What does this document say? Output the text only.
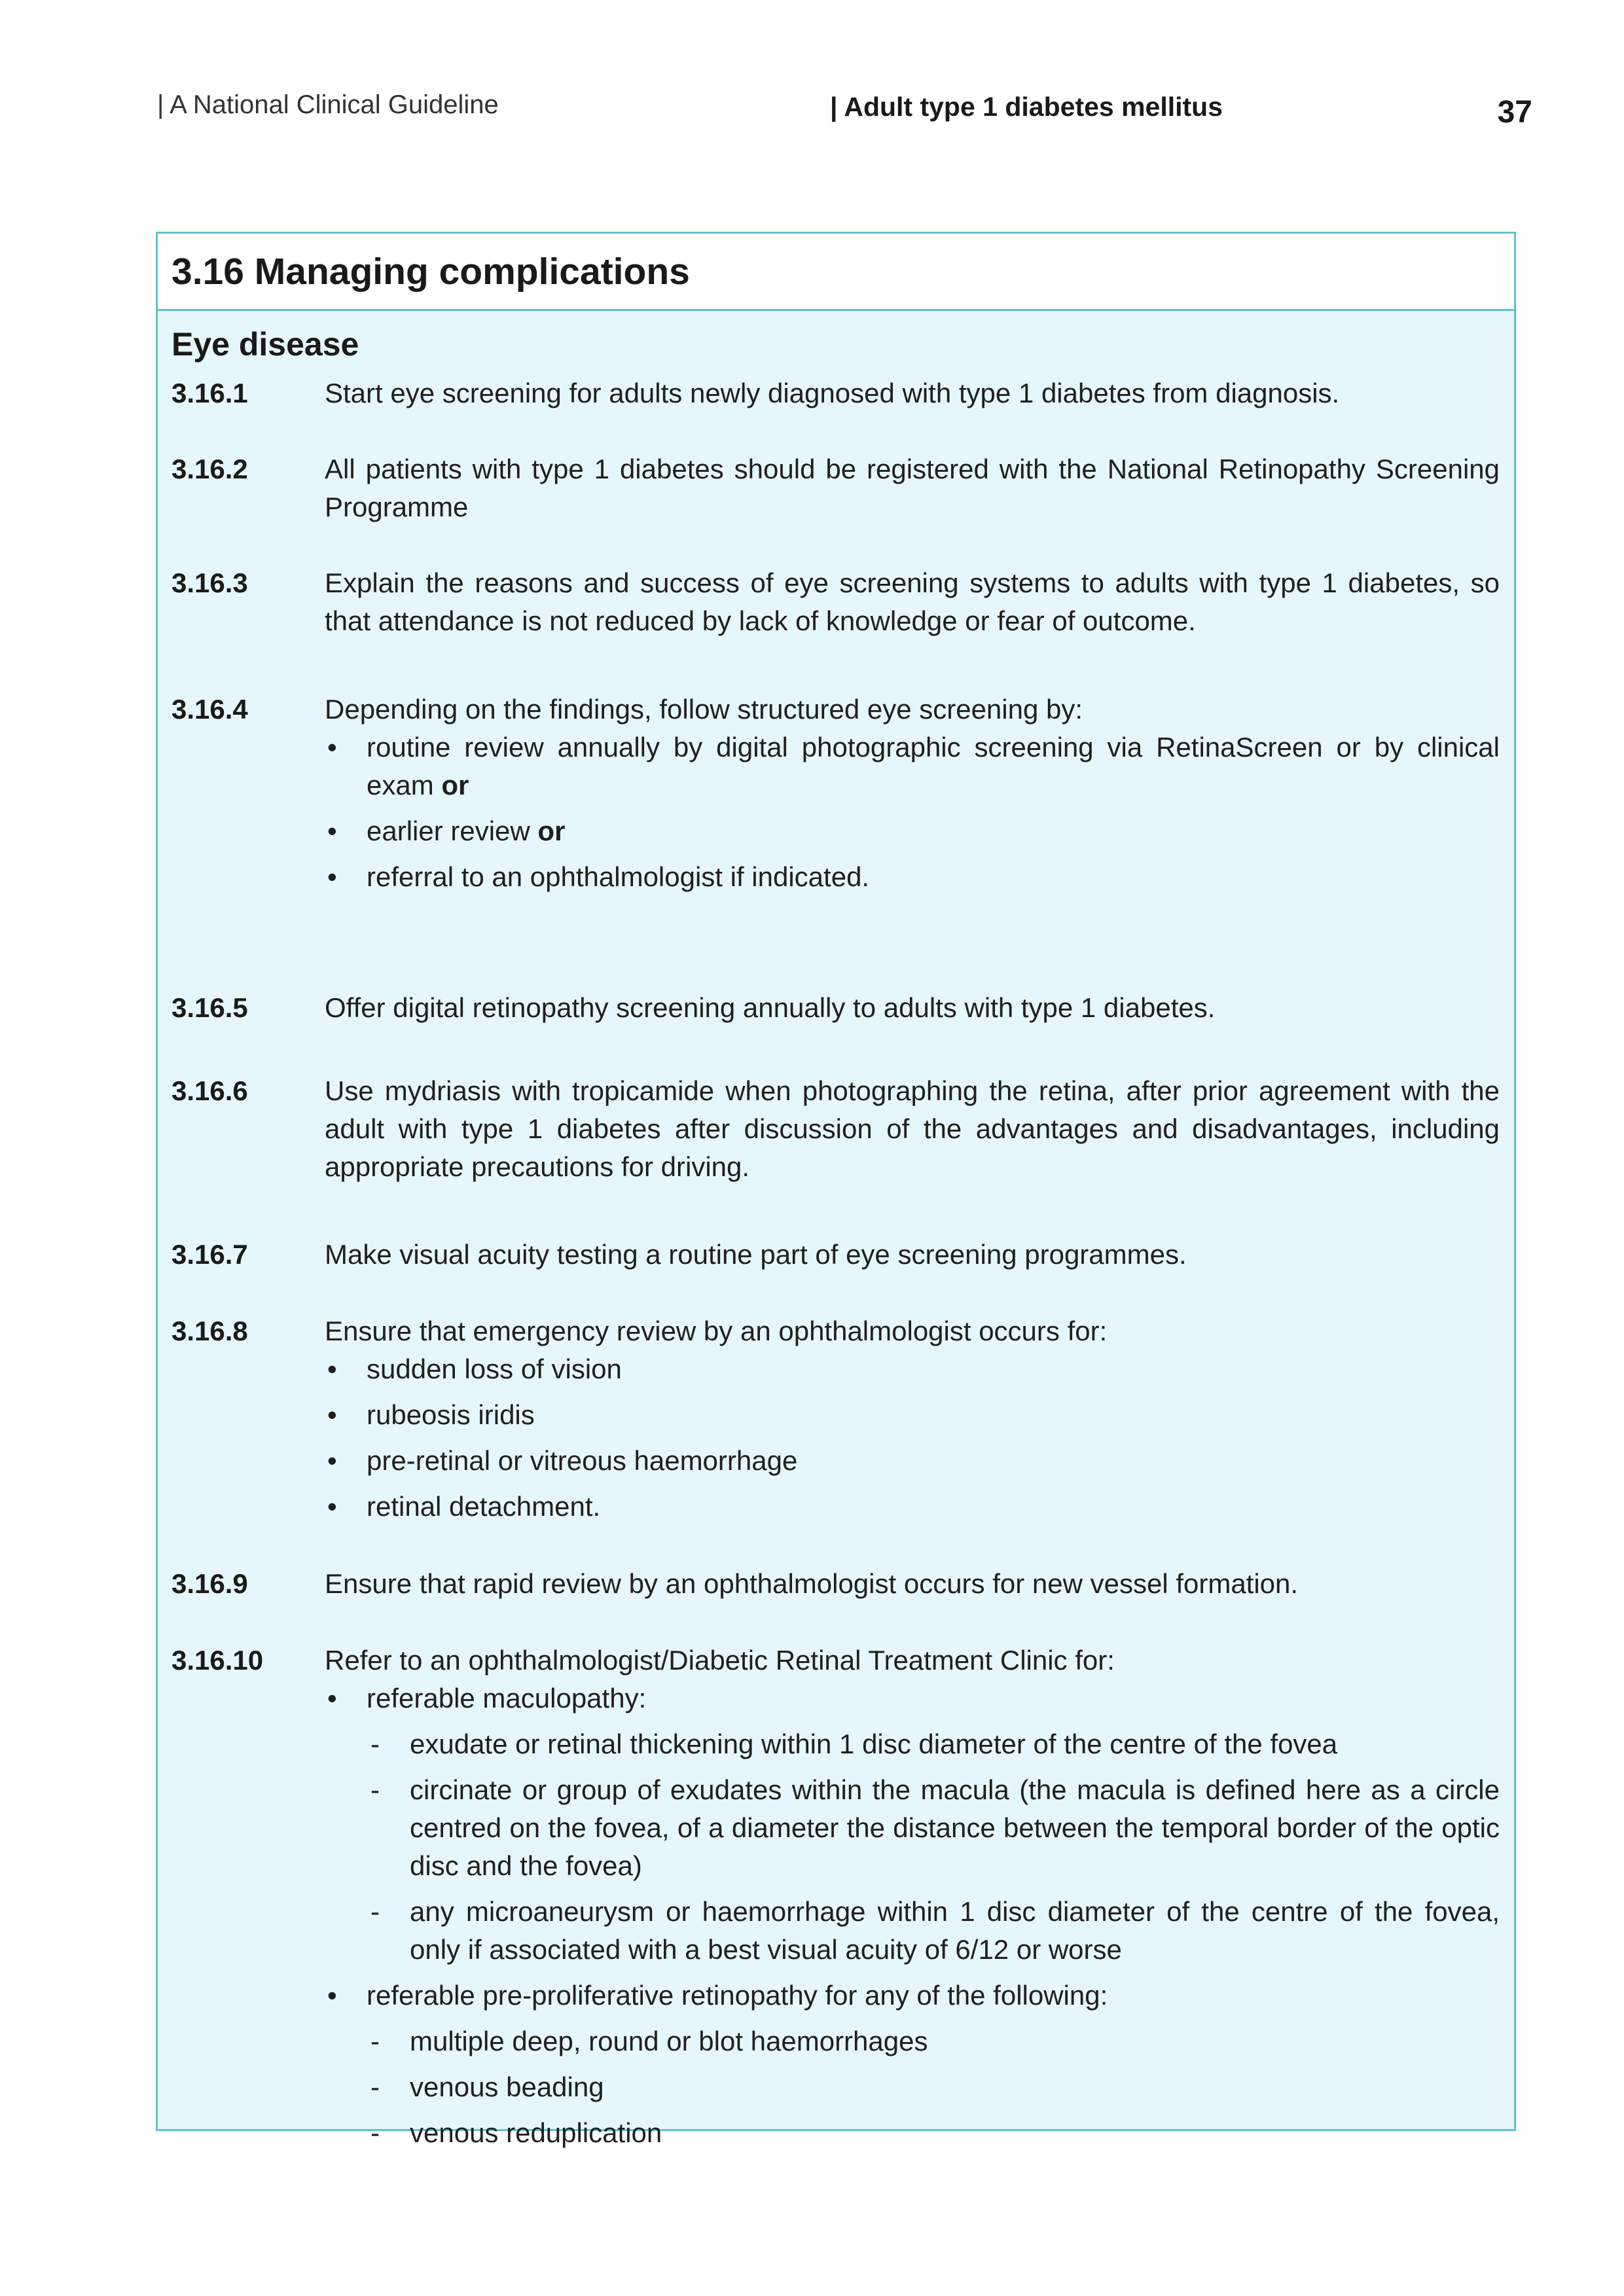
| A National Clinical Guideline	| Adult type 1 diabetes mellitus	37
3.16 Managing complications
Eye disease
3.16.1	Start eye screening for adults newly diagnosed with type 1 diabetes from diagnosis.

3.16.2	All patients with type 1 diabetes should be registered with the National Retinopathy Screening Programme

3.16.3	Explain the reasons and success of eye screening systems to adults with type 1 diabetes, so that attendance is not reduced by lack of knowledge or fear of outcome.

3.16.4	Depending on the findings, follow structured eye screening by:

• routine review annually by digital photographic screening via RetinaScreen or by clinical exam or
• earlier review or
• referral to an ophthalmologist if indicated.
3.16.5	Offer digital retinopathy screening annually to adults with type 1 diabetes.

3.16.6	Use mydriasis with tropicamide when photographing the retina, after prior agreement with the adult with type 1 diabetes after discussion of the advantages and disadvantages, including appropriate precautions for driving.

3.16.7	Make visual acuity testing a routine part of eye screening programmes.

3.16.8	Ensure that emergency review by an ophthalmologist occurs for:

• sudden loss of vision
• rubeosis iridis
• pre-retinal or vitreous haemorrhage
• retinal detachment.
3.16.9	Ensure that rapid review by an ophthalmologist occurs for new vessel formation.

3.16.10 Refer to an ophthalmologist/Diabetic Retinal Treatment Clinic for:

• referable maculopathy:
- exudate or retinal thickening within 1 disc diameter of the centre of the fovea
- circinate or group of exudates within the macula (the macula is defined here as a circle centred on the fovea, of a diameter the distance between the temporal border of the optic disc and the fovea)
- any microaneurysm or haemorrhage within 1 disc diameter of the centre of the fovea, only if associated with a best visual acuity of 6/12 or worse
• referable pre-proliferative retinopathy for any of the following:
- multiple deep, round or blot haemorrhages
- venous beading
- venous reduplication
